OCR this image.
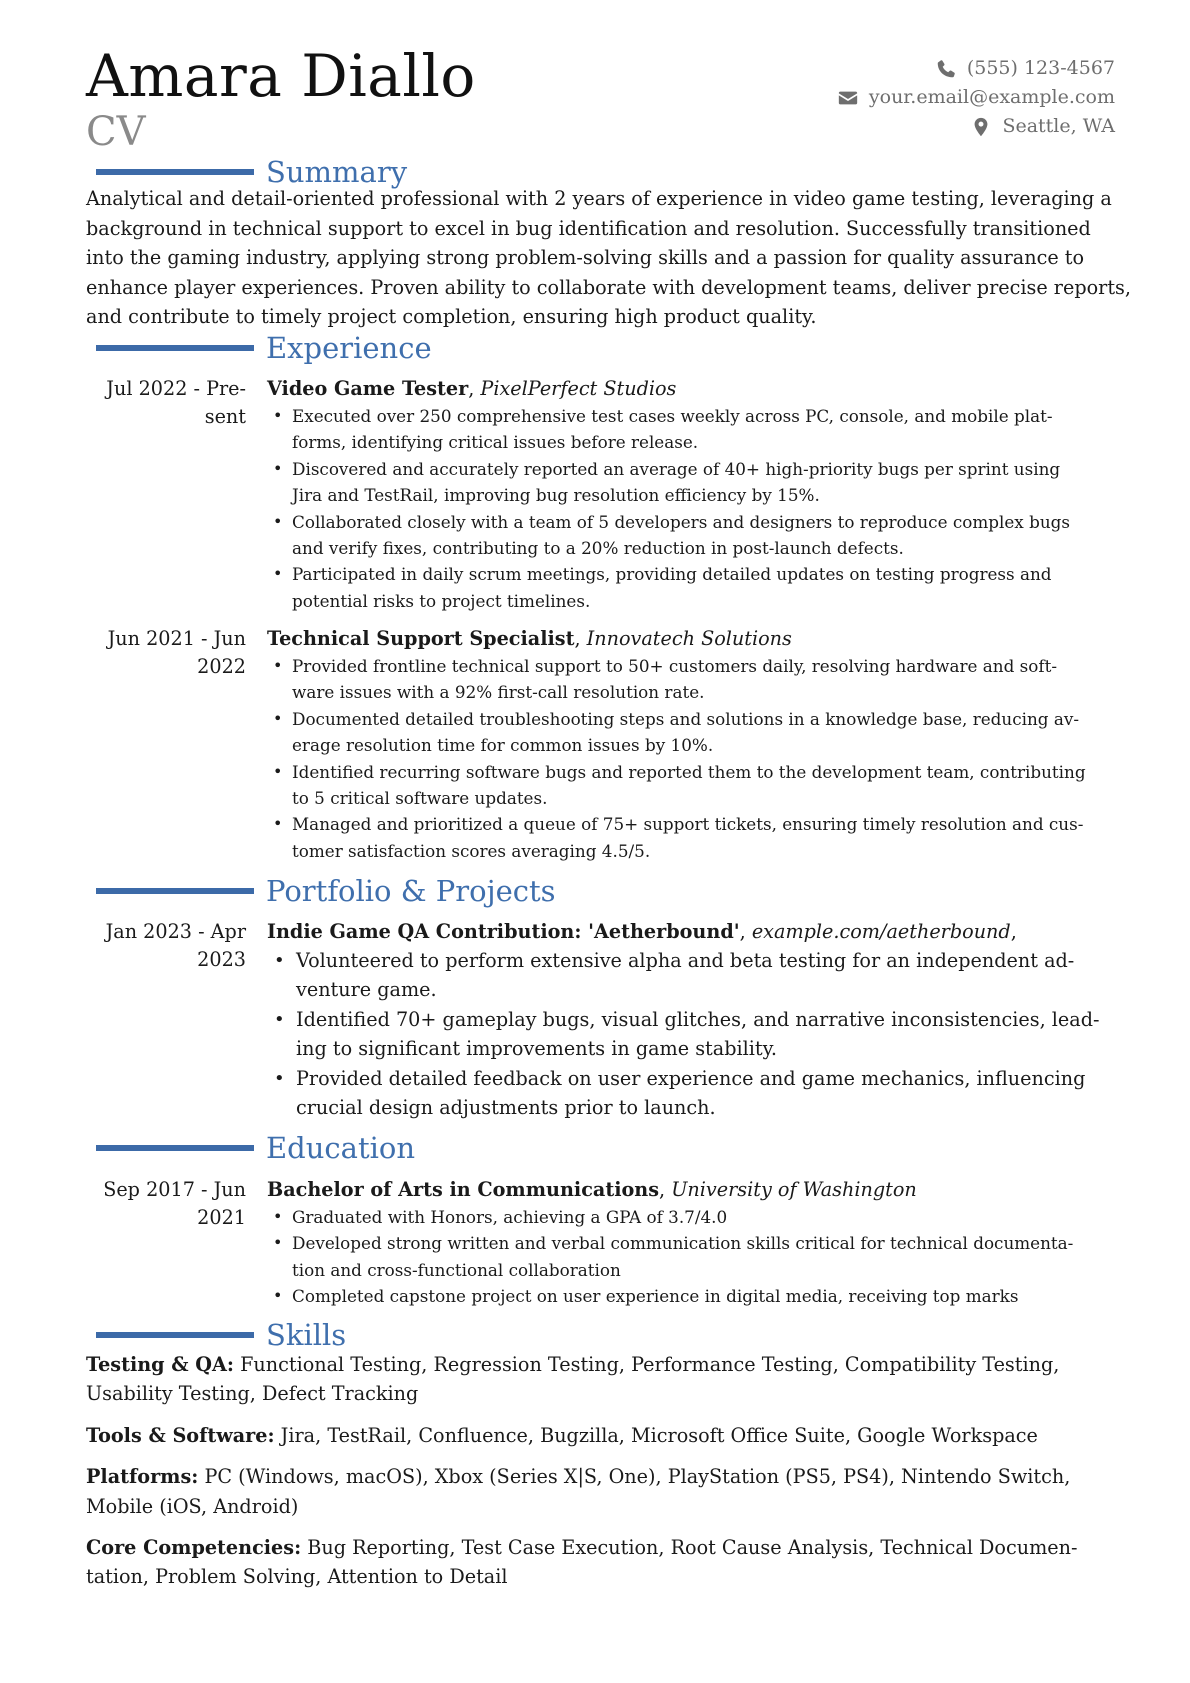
Amara Diallo
CV
(555) 123-4567
your.email@example.com
Seattle, WA
Summary
Analytical and detail-oriented professional with 2 years of experience in video game testing, leveraging a
background in technical support to excel in bug identification and resolution. Successfully transitioned
into the gaming industry, applying strong problem-solving skills and a passion for quality assurance to
enhance player experiences. Proven ability to collaborate with development teams, deliver precise reports,
and contribute to timely project completion, ensuring high product quality.
Experience
Jul 2022 - Pre-
sent
Video Game Tester, PixelPerfect Studios
• Executed over 250 comprehensive test cases weekly across PC, console, and mobile plat-
forms, identifying critical issues before release.
• Discovered and accurately reported an average of 40+ high-priority bugs per sprint using
Jira and TestRail, improving bug resolution efficiency by 15%.
• Collaborated closely with a team of 5 developers and designers to reproduce complex bugs
and verify fixes, contributing to a 20% reduction in post-launch defects.
• Participated in daily scrum meetings, providing detailed updates on testing progress and
potential risks to project timelines.
Jun 2021 - Jun
2022
Technical Support Specialist, Innovatech Solutions
• Provided frontline technical support to 50+ customers daily, resolving hardware and soft-
ware issues with a 92% first-call resolution rate.
• Documented detailed troubleshooting steps and solutions in a knowledge base, reducing av-
erage resolution time for common issues by 10%.
• Identified recurring software bugs and reported them to the development team, contributing
to 5 critical software updates.
• Managed and prioritized a queue of 75+ support tickets, ensuring timely resolution and cus-
tomer satisfaction scores averaging 4.5/5.
Portfolio & Projects
Jan 2023 - Apr
2023
Indie Game QA Contribution: 'Aetherbound', example.com/aetherbound,
• Volunteered to perform extensive alpha and beta testing for an independent ad-
venture game.
• Identified 70+ gameplay bugs, visual glitches, and narrative inconsistencies, lead-
ing to significant improvements in game stability.
• Provided detailed feedback on user experience and game mechanics, influencing
crucial design adjustments prior to launch.
Education
Sep 2017 - Jun
2021
Bachelor of Arts in Communications, University of Washington
• Graduated with Honors, achieving a GPA of 3.7/4.0
• Developed strong written and verbal communication skills critical for technical documenta-
tion and cross-functional collaboration
• Completed capstone project on user experience in digital media, receiving top marks
Skills
Testing & QA: Functional Testing, Regression Testing, Performance Testing, Compatibility Testing,
Usability Testing, Defect Tracking
Tools & Software: Jira, TestRail, Confluence, Bugzilla, Microsoft Office Suite, Google Workspace
Platforms: PC (Windows, macOS), Xbox (Series X|S, One), PlayStation (PS5, PS4), Nintendo Switch,
Mobile (iOS, Android)
Core Competencies: Bug Reporting, Test Case Execution, Root Cause Analysis, Technical Documen-
tation, Problem Solving, Attention to Detail
